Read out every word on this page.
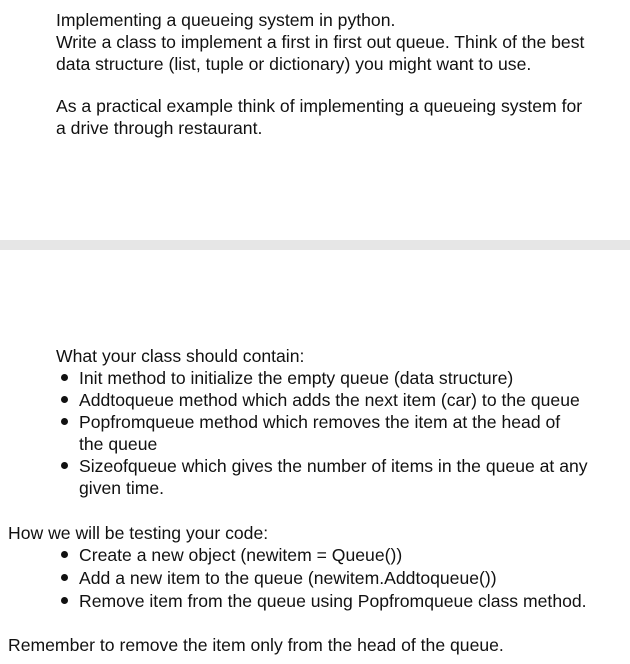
Implementing a queueing system in python.
Write a class to implement a first in first out queue. Think of the best
data structure (list, tuple or dictionary) you might want to use.
As a practical example think of implementing a queueing system for
a drive through restaurant.
What your class should contain:
Init method to initialize the empty queue (data structure)
Addtoqueue method which adds the next item (car) to the queue
Popfromqueue method which removes the item at the head of
the queue
Sizeofqueue which gives the number of items in the queue at any
given time.
How we will be testing your code:
Create a new object (newitem = Queue())
Add a new item to the queue (newitem.Addtoqueue())
Remove item from the queue using Popfromqueue class method.
Remember to remove the item only from the head of the queue.
